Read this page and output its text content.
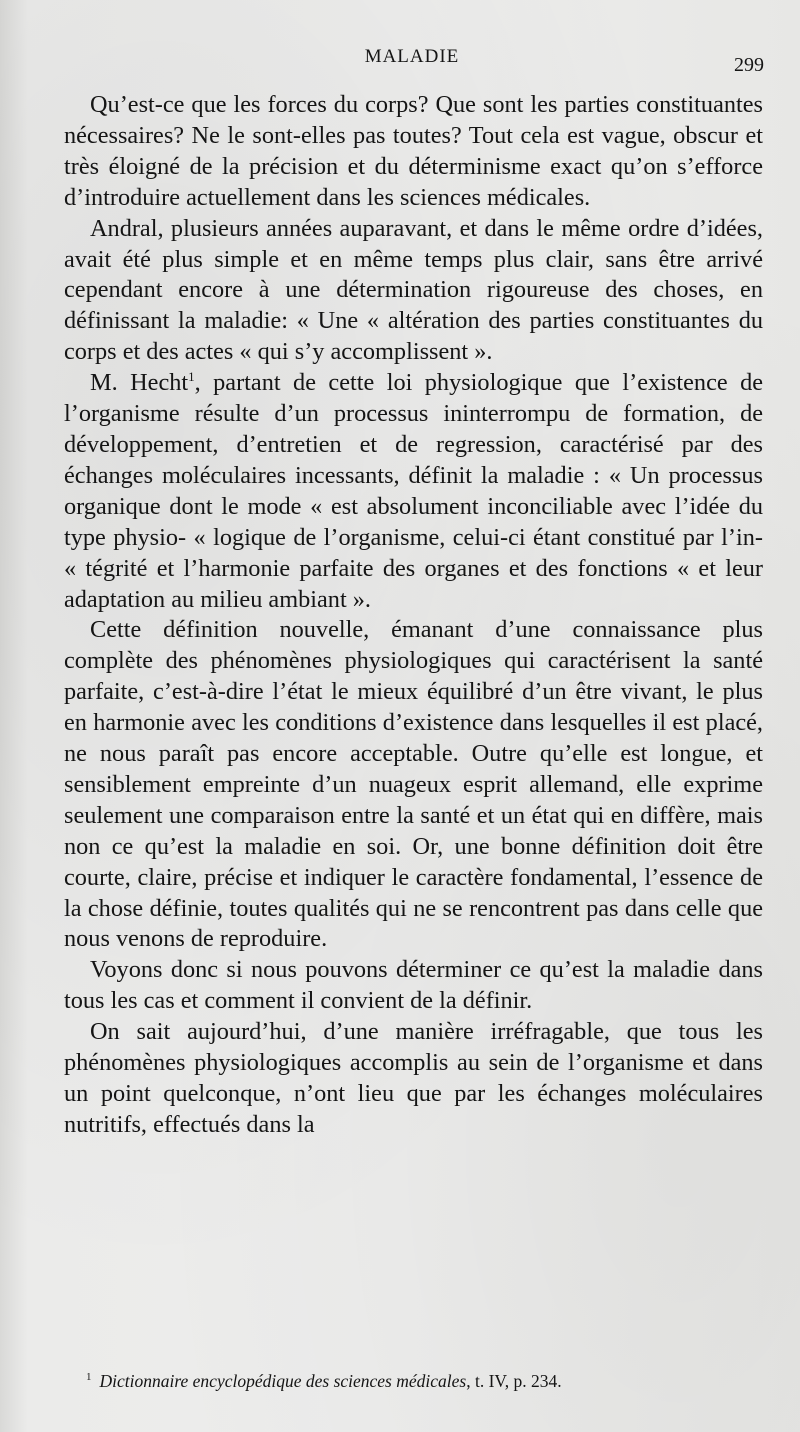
MALADIE	299

Qu’est-ce que les forces du corps? Que sont les parties constituantes nécessaires? Ne le sont-elles pas toutes? Tout cela est vague, obscur et très éloigné de la précision et du déterminisme exact qu’on s’efforce d’introduire actuellement dans les sciences médicales.

Andral, plusieurs années auparavant, et dans le même ordre d’idées, avait été plus simple et en même temps plus clair, sans être arrivé cependant encore à une détermination rigoureuse des choses, en définissant la maladie: « Une « altération des parties constituantes du corps et des actes « qui s’y accomplissent ».

M. Hecht$^1$, partant de cette loi physiologique que l’existence de l’organisme résulte d’un processus ininterrompu de formation, de développement, d’entretien et de regression, caractérisé par des échanges moléculaires incessants, définit la maladie : « Un processus organique dont le mode « est absolument inconciliable avec l’idée du type physio- « logique de l’organisme, celui-ci étant constitué par l’in- « tégrité et l’harmonie parfaite des organes et des fonctions « et leur adaptation au milieu ambiant ».

Cette définition nouvelle, émanant d’une connaissance plus complète des phénomènes physiologiques qui caractérisent la santé parfaite, c’est-à-dire l’état le mieux équilibré d’un être vivant, le plus en harmonie avec les conditions d’existence dans lesquelles il est placé, ne nous paraît pas encore acceptable. Outre qu’elle est longue, et sensiblement empreinte d’un nuageux esprit allemand, elle exprime seulement une comparaison entre la santé et un état qui en diffère, mais non ce qu’est la maladie en soi. Or, une bonne définition doit être courte, claire, précise et indiquer le caractère fondamental, l’essence de la chose définie, toutes qualités qui ne se rencontrent pas dans celle que nous venons de reproduire.

Voyons donc si nous pouvons déterminer ce qu’est la maladie dans tous les cas et comment il convient de la définir.

On sait aujourd’hui, d’une manière irréfragable, que tous les phénomènes physiologiques accomplis au sein de l’organisme et dans un point quelconque, n’ont lieu que par les échanges moléculaires nutritifs, effectués dans la

$^1$ Dictionnaire encyclopédique des sciences médicales, t. IV, p. 234.
